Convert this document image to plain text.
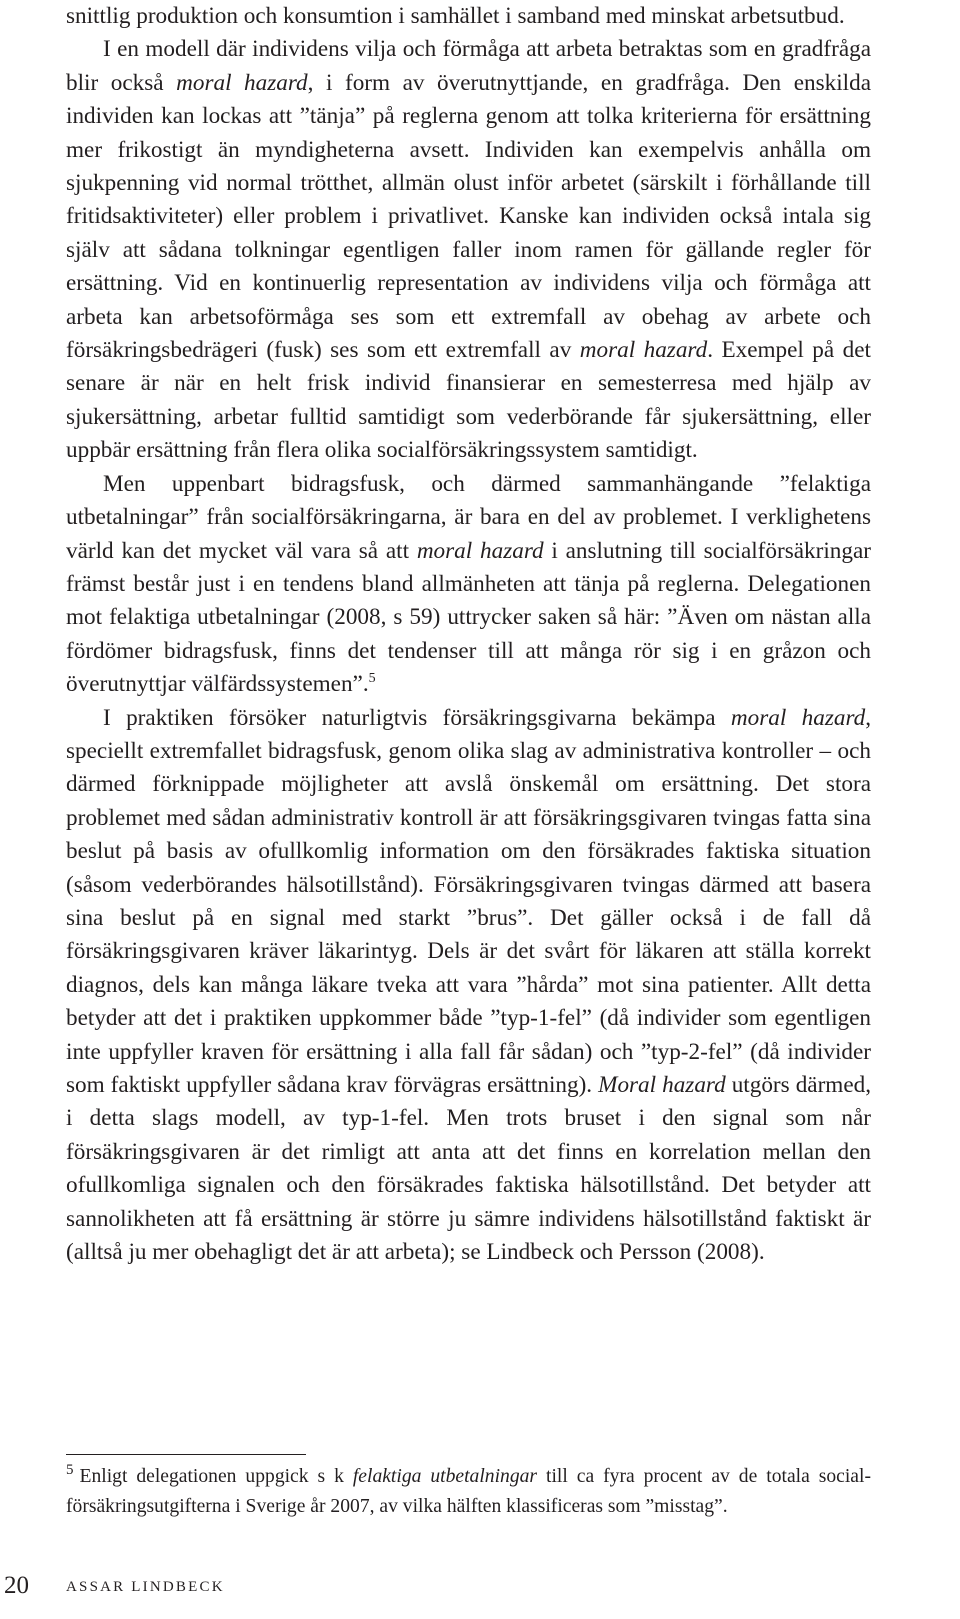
snittlig produktion och konsumtion i samhället i samband med minskat arbetsutbud.

I en modell där individens vilja och förmåga att arbeta betraktas som en gradfråga blir också moral hazard, i form av överutnyttjande, en gradfråga. Den enskilda individen kan lockas att ”tänja” på reglerna genom att tolka kriterierna för ersättning mer frikostigt än myndigheterna avsett. Individen kan exempelvis anhålla om sjukpenning vid normal trötthet, allmän olust inför arbetet (särskilt i förhållande till fritidsaktiviteter) eller problem i privatlivet. Kanske kan individen också intala sig själv att sådana tolkningar egentligen faller inom ramen för gällande regler för ersättning. Vid en kontinuerlig representation av individens vilja och förmåga att arbeta kan arbetsoförmåga ses som ett extremfall av obehag av arbete och försäkringsbedrägeri (fusk) ses som ett extremfall av moral hazard. Exempel på det senare är när en helt frisk individ finansierar en semesterresa med hjälp av sjukersättning, arbetar fulltid samtidigt som vederbörande får sjukersättning, eller uppbär ersättning från flera olika socialförsäkringssystem samtidigt.

Men uppenbart bidragsfusk, och därmed sammanhängande ”felaktiga utbetalningar” från socialförsäkringarna, är bara en del av problemet. I verklighetens värld kan det mycket väl vara så att moral hazard i anslutning till socialförsäkringar främst består just i en tendens bland allmänheten att tänja på reglerna. Delegationen mot felaktiga utbetalningar (2008, s 59) uttrycker saken så här: ”Även om nästan alla fördömer bidragsfusk, finns det tendenser till att många rör sig i en gråzon och överutnyttjar välfärdssystemen”.$^5$

I praktiken försöker naturligtvis försäkringsgivarna bekämpa moral hazard, speciellt extremfallet bidragsfusk, genom olika slag av administrativa kontroller – och därmed förknippade möjligheter att avslå önskemål om ersättning. Det stora problemet med sådan administrativ kontroll är att försäkringsgivaren tvingas fatta sina beslut på basis av ofullkomlig information om den försäkrades faktiska situation (såsom vederbörandes hälsotillstånd). Försäkringsgivaren tvingas därmed att basera sina beslut på en signal med starkt ”brus”. Det gäller också i de fall då försäkringsgivaren kräver läkarintyg. Dels är det svårt för läkaren att ställa korrekt diagnos, dels kan många läkare tveka att vara ”hårda” mot sina patienter. Allt detta betyder att det i praktiken uppkommer både ”typ-1-fel” (då individer som egentligen inte uppfyller kraven för ersättning i alla fall får sådan) och ”typ-2-fel” (då individer som faktiskt uppfyller sådana krav förvägras ersättning). Moral hazard utgörs därmed, i detta slags modell, av typ-1-fel. Men trots bruset i den signal som når försäkringsgivaren är det rimligt att anta att det finns en korrelation mellan den ofullkomliga signalen och den försäkrades faktiska hälsotillstånd. Det betyder att sannolikheten att få ersättning är större ju sämre individens hälsotillstånd faktiskt är (alltså ju mer obehagligt det är att arbeta); se Lindbeck och Persson (2008).

$^5$ Enligt delegationen uppgick s k felaktiga utbetalningar till ca fyra procent av de totala socialförsäkringsutgifterna i Sverige år 2007, av vilka hälften klassificeras som ”misstag”.
20 ASSAR LINDBECK
